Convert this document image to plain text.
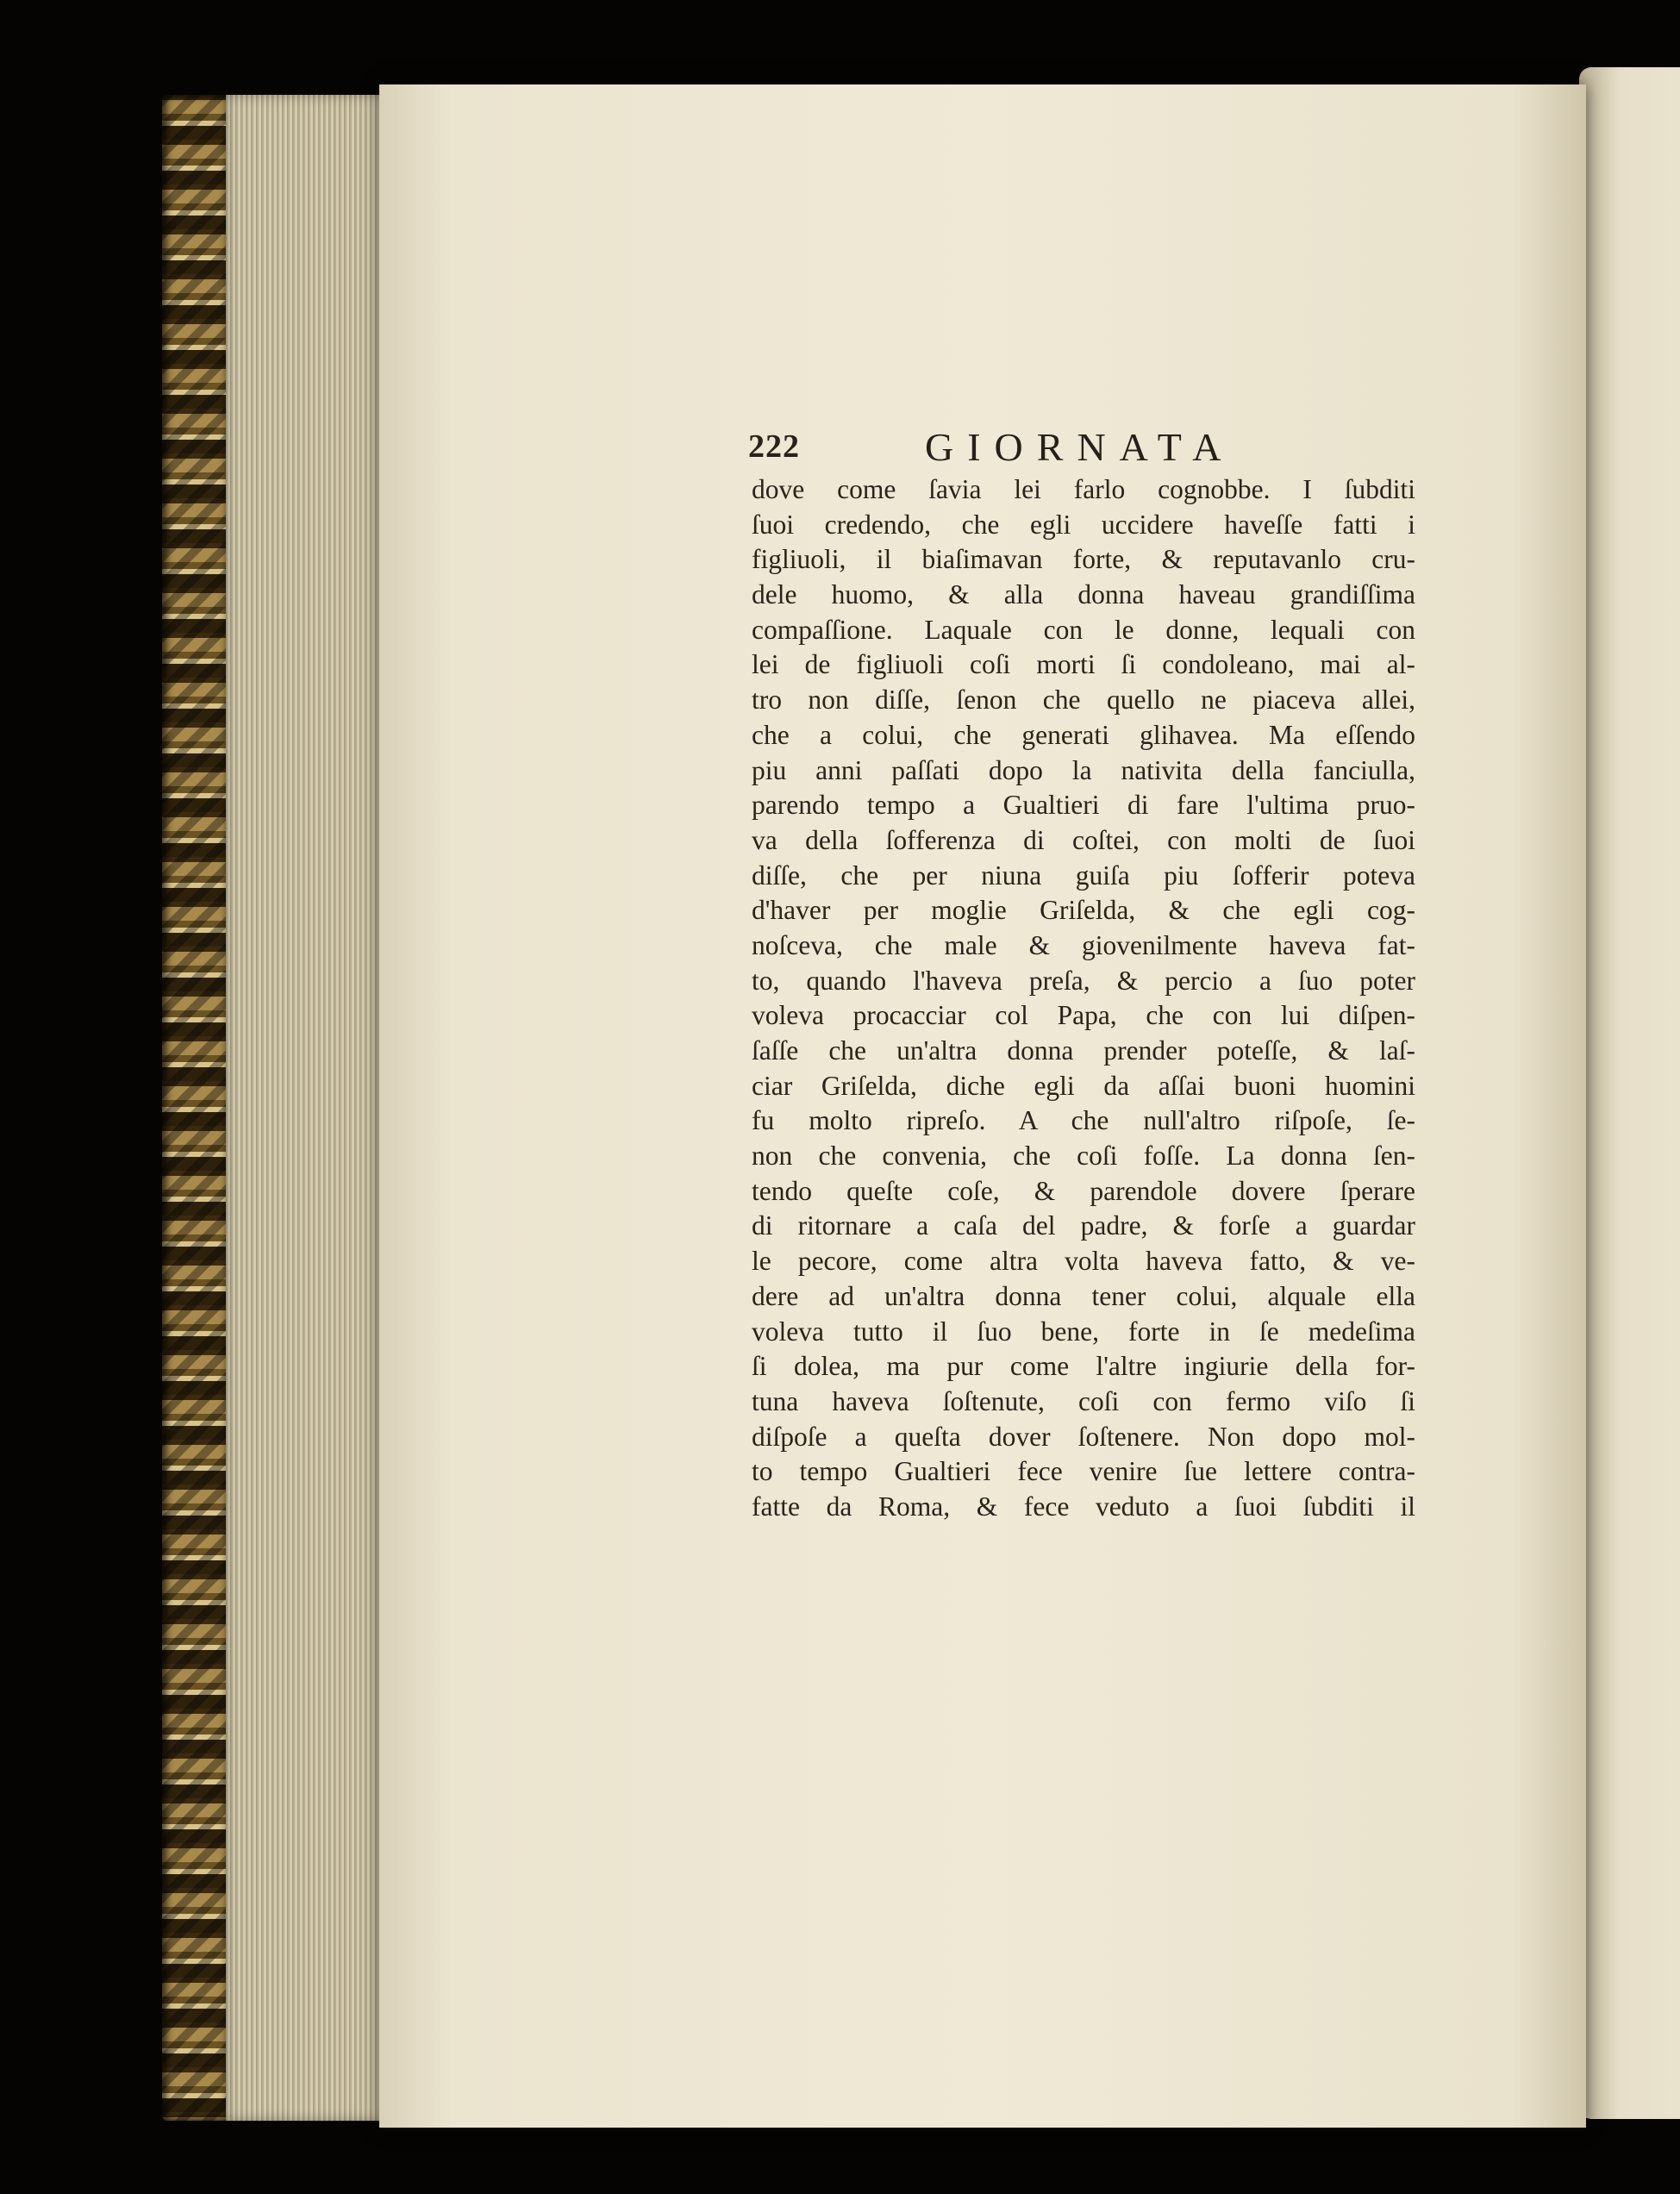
222	GIORNATA
dove come ſavia lei farlo cognobbe. I ſubditi
ſuoi credendo, che egli uccidere haveſſe fatti i
figliuoli, il biaſimavan forte, & reputavanlo cru-
dele huomo, & alla donna haveau grandiſſima
compaſſione. Laquale con le donne, lequali con
lei de figliuoli coſi morti ſi condoleano, mai al-
tro non diſſe, ſenon che quello ne piaceva allei,
che a colui, che generati glihavea. Ma eſſendo
piu anni paſſati dopo la nativita della fanciulla,
parendo tempo a Gualtieri di fare l'ultima pruo-
va della ſofferenza di coſtei, con molti de ſuoi
diſſe, che per niuna guiſa piu ſofferir poteva
d'haver per moglie Griſelda, & che egli cog-
noſceva, che male & giovenilmente haveva fat-
to, quando l'haveva preſa, & percio a ſuo poter
voleva procacciar col Papa, che con lui diſpen-
ſaſſe che un'altra donna prender poteſſe, & laſ-
ciar Griſelda, diche egli da aſſai buoni huomini
fu molto ripreſo. A che null'altro riſpoſe, ſe-
non che convenia, che coſi foſſe. La donna ſen-
tendo queſte coſe, & parendole dovere ſperare
di ritornare a caſa del padre, & forſe a guardar
le pecore, come altra volta haveva fatto, & ve-
dere ad un'altra donna tener colui, alquale ella
voleva tutto il ſuo bene, forte in ſe medeſima
ſi dolea, ma pur come l'altre ingiurie della for-
tuna haveva ſoſtenute, coſi con fermo viſo ſi
diſpoſe a queſta dover ſoſtenere. Non dopo mol-
to tempo Gualtieri fece venire ſue lettere contra-
fatte da Roma, & fece veduto a ſuoi ſubditi il
